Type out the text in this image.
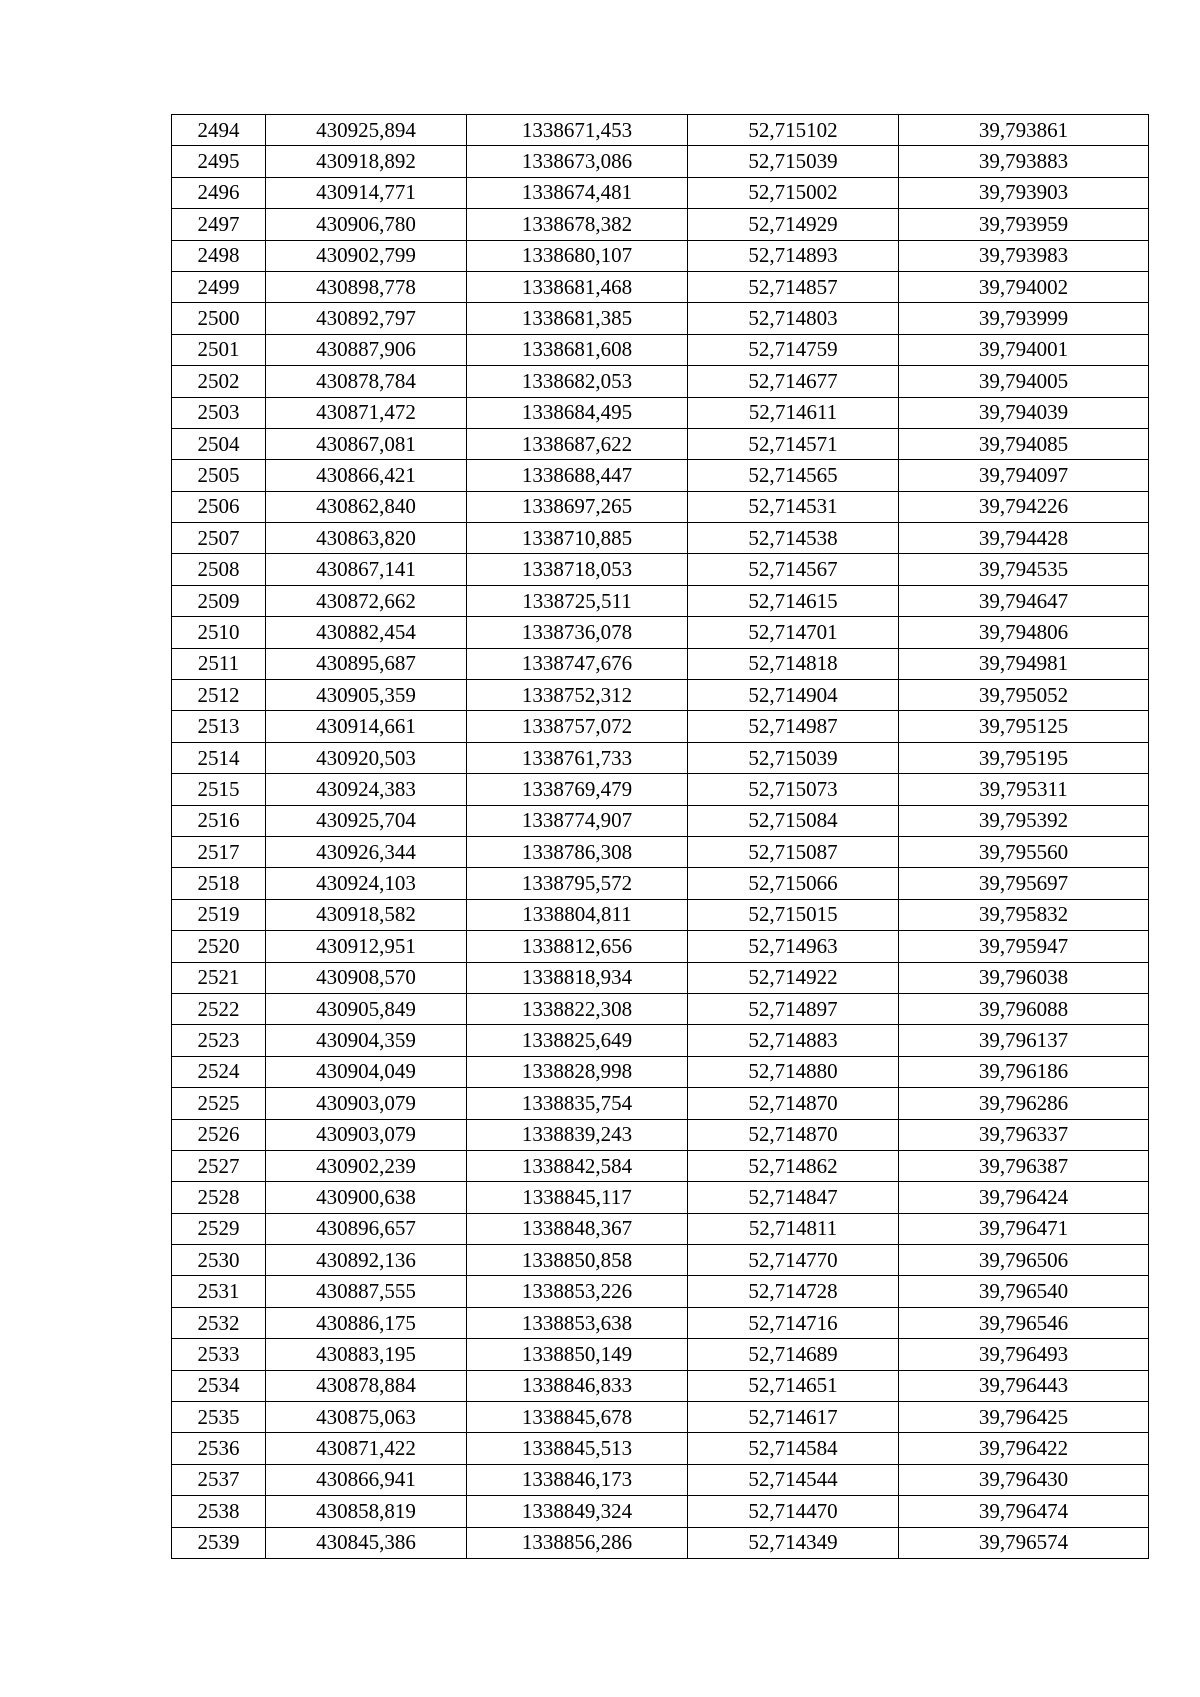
2494	430925,894	1338671,453	52,715102	39,793861
2495	430918,892	1338673,086	52,715039	39,793883
2496	430914,771	1338674,481	52,715002	39,793903
2497	430906,780	1338678,382	52,714929	39,793959
2498	430902,799	1338680,107	52,714893	39,793983
2499	430898,778	1338681,468	52,714857	39,794002
2500	430892,797	1338681,385	52,714803	39,793999
2501	430887,906	1338681,608	52,714759	39,794001
2502	430878,784	1338682,053	52,714677	39,794005
2503	430871,472	1338684,495	52,714611	39,794039
2504	430867,081	1338687,622	52,714571	39,794085
2505	430866,421	1338688,447	52,714565	39,794097
2506	430862,840	1338697,265	52,714531	39,794226
2507	430863,820	1338710,885	52,714538	39,794428
2508	430867,141	1338718,053	52,714567	39,794535
2509	430872,662	1338725,511	52,714615	39,794647
2510	430882,454	1338736,078	52,714701	39,794806
2511	430895,687	1338747,676	52,714818	39,794981
2512	430905,359	1338752,312	52,714904	39,795052
2513	430914,661	1338757,072	52,714987	39,795125
2514	430920,503	1338761,733	52,715039	39,795195
2515	430924,383	1338769,479	52,715073	39,795311
2516	430925,704	1338774,907	52,715084	39,795392
2517	430926,344	1338786,308	52,715087	39,795560
2518	430924,103	1338795,572	52,715066	39,795697
2519	430918,582	1338804,811	52,715015	39,795832
2520	430912,951	1338812,656	52,714963	39,795947
2521	430908,570	1338818,934	52,714922	39,796038
2522	430905,849	1338822,308	52,714897	39,796088
2523	430904,359	1338825,649	52,714883	39,796137
2524	430904,049	1338828,998	52,714880	39,796186
2525	430903,079	1338835,754	52,714870	39,796286
2526	430903,079	1338839,243	52,714870	39,796337
2527	430902,239	1338842,584	52,714862	39,796387
2528	430900,638	1338845,117	52,714847	39,796424
2529	430896,657	1338848,367	52,714811	39,796471
2530	430892,136	1338850,858	52,714770	39,796506
2531	430887,555	1338853,226	52,714728	39,796540
2532	430886,175	1338853,638	52,714716	39,796546
2533	430883,195	1338850,149	52,714689	39,796493
2534	430878,884	1338846,833	52,714651	39,796443
2535	430875,063	1338845,678	52,714617	39,796425
2536	430871,422	1338845,513	52,714584	39,796422
2537	430866,941	1338846,173	52,714544	39,796430
2538	430858,819	1338849,324	52,714470	39,796474
2539	430845,386	1338856,286	52,714349	39,796574
